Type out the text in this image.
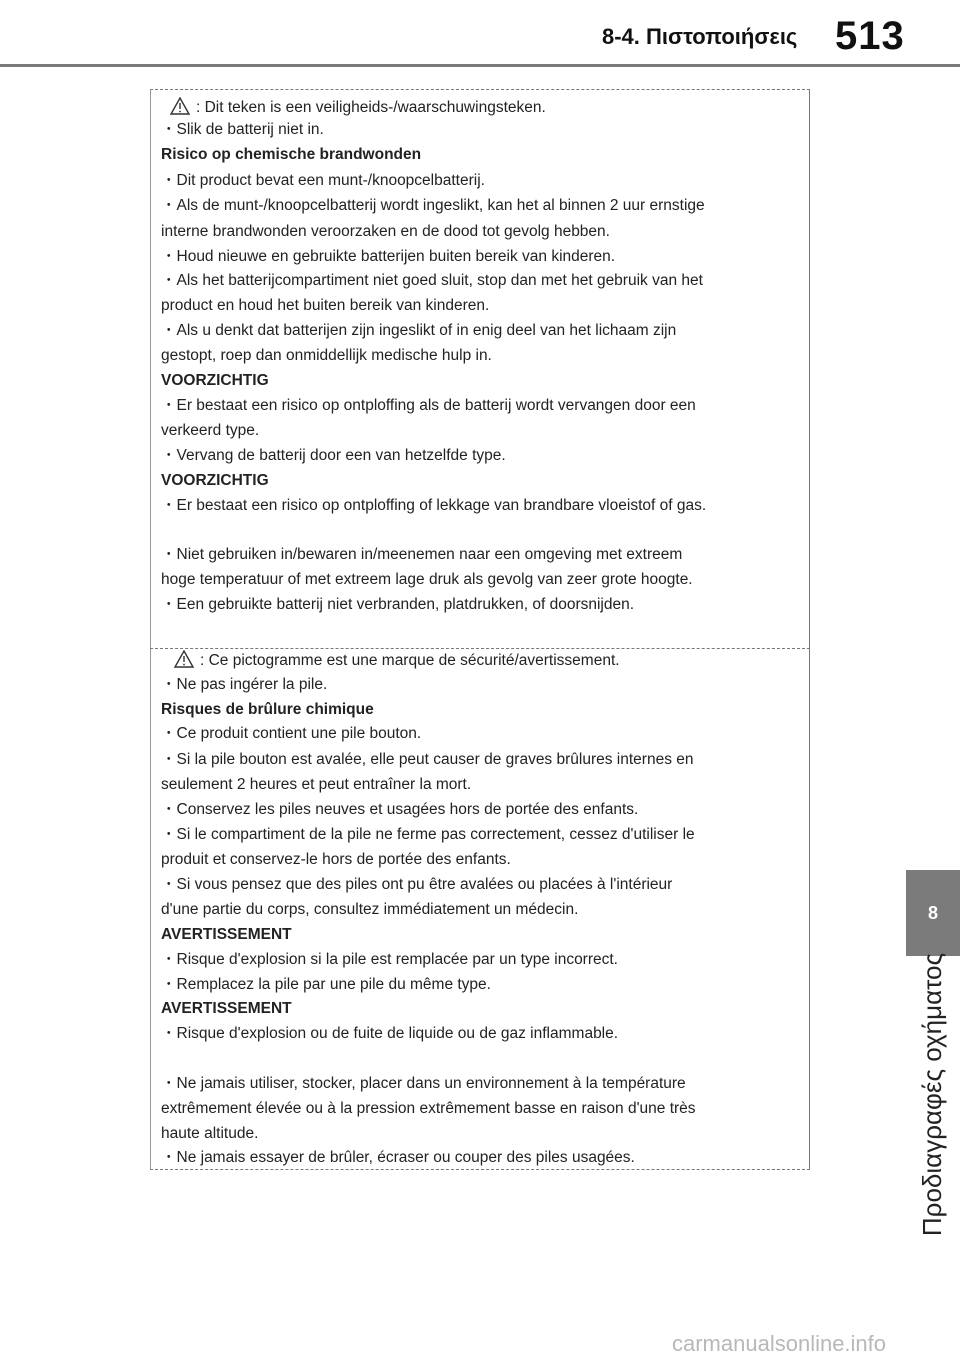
8-4. Πιστοποιήσεις 513
8
Προδιαγραφές οχήματος
: Dit teken is een veiligheids-/waarschuwingsteken.
・Slik de batterij niet in.
Risico op chemische brandwonden
・Dit product bevat een munt-/knoopcelbatterij.
・Als de munt-/knoopcelbatterij wordt ingeslikt, kan het al binnen 2 uur ernstige
interne brandwonden veroorzaken en de dood tot gevolg hebben.
・Houd nieuwe en gebruikte batterijen buiten bereik van kinderen.
・Als het batterijcompartiment niet goed sluit, stop dan met het gebruik van het
product en houd het buiten bereik van kinderen.
・Als u denkt dat batterijen zijn ingeslikt of in enig deel van het lichaam zijn
gestopt, roep dan onmiddellijk medische hulp in.
VOORZICHTIG
・Er bestaat een risico op ontploffing als de batterij wordt vervangen door een
verkeerd type.
・Vervang de batterij door een van hetzelfde type.
VOORZICHTIG
・Er bestaat een risico op ontploffing of lekkage van brandbare vloeistof of gas.
・Niet gebruiken in/bewaren in/meenemen naar een omgeving met extreem
hoge temperatuur of met extreem lage druk als gevolg van zeer grote hoogte.
・Een gebruikte batterij niet verbranden, platdrukken, of doorsnijden.
: Ce pictogramme est une marque de sécurité/avertissement.
・Ne pas ingérer la pile.
Risques de brûlure chimique
・Ce produit contient une pile bouton.
・Si la pile bouton est avalée, elle peut causer de graves brûlures internes en
seulement 2 heures et peut entraîner la mort.
・Conservez les piles neuves et usagées hors de portée des enfants.
・Si le compartiment de la pile ne ferme pas correctement, cessez d'utiliser le
produit et conservez-le hors de portée des enfants.
・Si vous pensez que des piles ont pu être avalées ou placées à l'intérieur
d'une partie du corps, consultez immédiatement un médecin.
AVERTISSEMENT
・Risque d'explosion si la pile est remplacée par un type incorrect.
・Remplacez la pile par une pile du même type.
AVERTISSEMENT
・Risque d'explosion ou de fuite de liquide ou de gaz inflammable.
・Ne jamais utiliser, stocker, placer dans un environnement à la température
extrêmement élevée ou à la pression extrêmement basse en raison d'une très
haute altitude.
・Ne jamais essayer de brûler, écraser ou couper des piles usagées.
carmanualsonline.info
